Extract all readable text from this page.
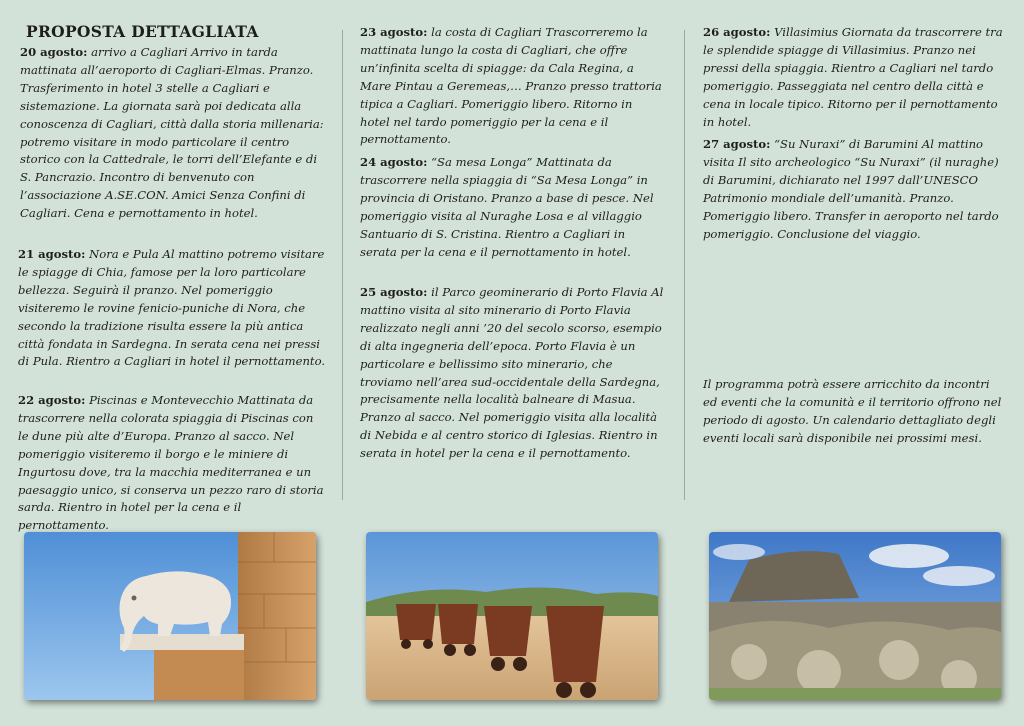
PROPOSTA DETTAGLIATA

20 agosto: arrivo a Cagliari Arrivo in tarda mattinata all’aeroporto di Cagliari-Elmas. Pranzo. Trasferimento in hotel 3 stelle a Cagliari e sistemazione. La giornata sarà poi dedicata alla conoscenza di Cagliari, città dalla storia millenaria: potremo visitare in modo particolare il centro storico con la Cattedrale, le torri dell’Elefante e di S. Pancrazio. Incontro di benvenuto con l’associazione A.SE.CON. Amici Senza Confini di Cagliari. Cena e pernottamento in hotel.

21 agosto: Nora e Pula Al mattino potremo visitare le spiagge di Chia, famose per la loro particolare bellezza. Seguirà il pranzo. Nel pomeriggio visiteremo le rovine fenicio-puniche di Nora, che secondo la tradizione risulta essere la più antica città fondata in Sardegna. In serata cena nei pressi di Pula. Rientro a Cagliari in hotel il pernottamento.

22 agosto: Piscinas e Montevecchio Mattinata da trascorrere nella colorata spiaggia di Piscinas con le dune più alte d’Europa. Pranzo al sacco. Nel pomeriggio visiteremo il borgo e le miniere di Ingurtosu dove, tra la macchia mediterranea e un paesaggio unico, si conserva un pezzo raro di storia sarda. Rientro in hotel per la cena e il pernottamento.

23 agosto: la costa di Cagliari Trascorreremo la mattinata lungo la costa di Cagliari, che offre un’infinita scelta di spiagge: da Cala Regina, a Mare Pintau a Geremeas,… Pranzo presso trattoria tipica a Cagliari. Pomeriggio libero. Ritorno in hotel nel tardo pomeriggio per la cena e il pernottamento.

24 agosto: “Sa mesa Longa” Mattinata da trascorrere nella spiaggia di “Sa Mesa Longa” in provincia di Oristano. Pranzo a base di pesce. Nel pomeriggio visita al Nuraghe Losa e al villaggio Santuario di S. Cristina. Rientro a Cagliari in serata per la cena e il pernottamento in hotel.

25 agosto: il Parco geominerario di Porto Flavia Al mattino visita al sito minerario di Porto Flavia realizzato negli anni ’20 del secolo scorso, esempio di alta ingegneria dell’epoca. Porto Flavia è un particolare e bellissimo sito minerario, che troviamo nell’area sud-occidentale della Sardegna, precisamente nella località balneare di Masua. Pranzo al sacco. Nel pomeriggio visita alla località di Nebida e al centro storico di Iglesias. Rientro in serata in hotel per la cena e il pernottamento.

26 agosto: Villasimius Giornata da trascorrere tra le splendide spiagge di Villasimius. Pranzo nei pressi della spiaggia. Rientro a Cagliari nel tardo pomeriggio. Passeggiata nel centro della città e cena in locale tipico. Ritorno per il pernottamento in hotel.

27 agosto: “Su Nuraxi” di Barumini Al mattino visita Il sito archeologico “Su Nuraxi” (il nuraghe) di Barumini, dichiarato nel 1997 dall’UNESCO Patrimonio mondiale dell’umanità. Pranzo. Pomeriggio libero. Transfer in aeroporto nel tardo pomeriggio. Conclusione del viaggio.

Il programma potrà essere arricchito da incontri ed eventi che la comunità e il territorio offrono nel periodo di agosto. Un calendario dettagliato degli eventi locali sarà disponibile nei prossimi mesi.
